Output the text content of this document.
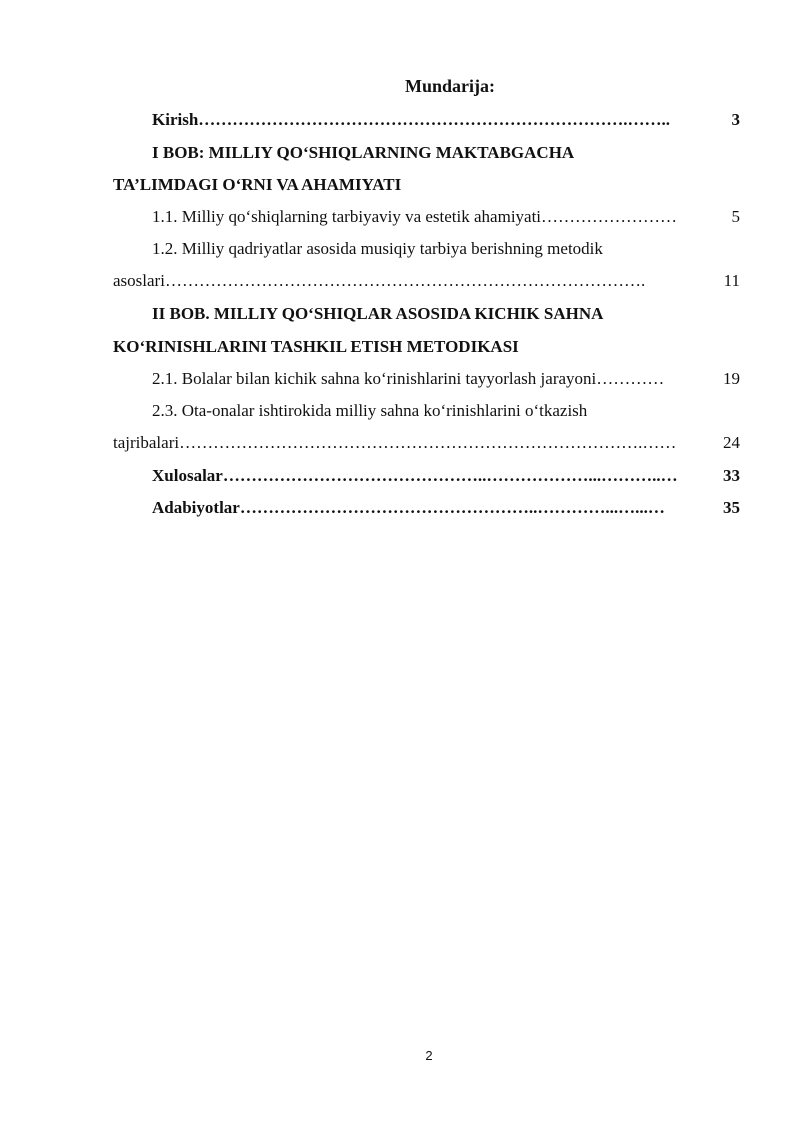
Mundarija:
Kirish ………………………………………………………………….……..	3
I BOB: MILLIY QO‘SHIQLARNING MAKTABGACHA
TA’LIMDAGI O‘RNI VA AHAMIYATI
1.1. Milliy qo‘shiqlarning tarbiyaviy va estetik ahamiyati ……………………	5
1.2. Milliy qadriyatlar asosida musiqiy tarbiya berishning metodik
asoslari ………………………………………………………………………….	11
II BOB. MILLIY QO‘SHIQLAR ASOSIDA KICHIK SAHNA
KO‘RINISHLARINI TASHKIL ETISH METODIKASI
2.1. Bolalar bilan kichik sahna ko‘rinishlarini tayyorlash jarayoni …………	19
2.3. Ota-onalar ishtirokida milliy sahna ko‘rinishlarini o‘tkazish
tajribalari ……………………………………………………………………….……	24
Xulosalar ………………………………………..………………...………..…	33
Adabiyotlar ……………………………………………..…………...…...…	35
2
